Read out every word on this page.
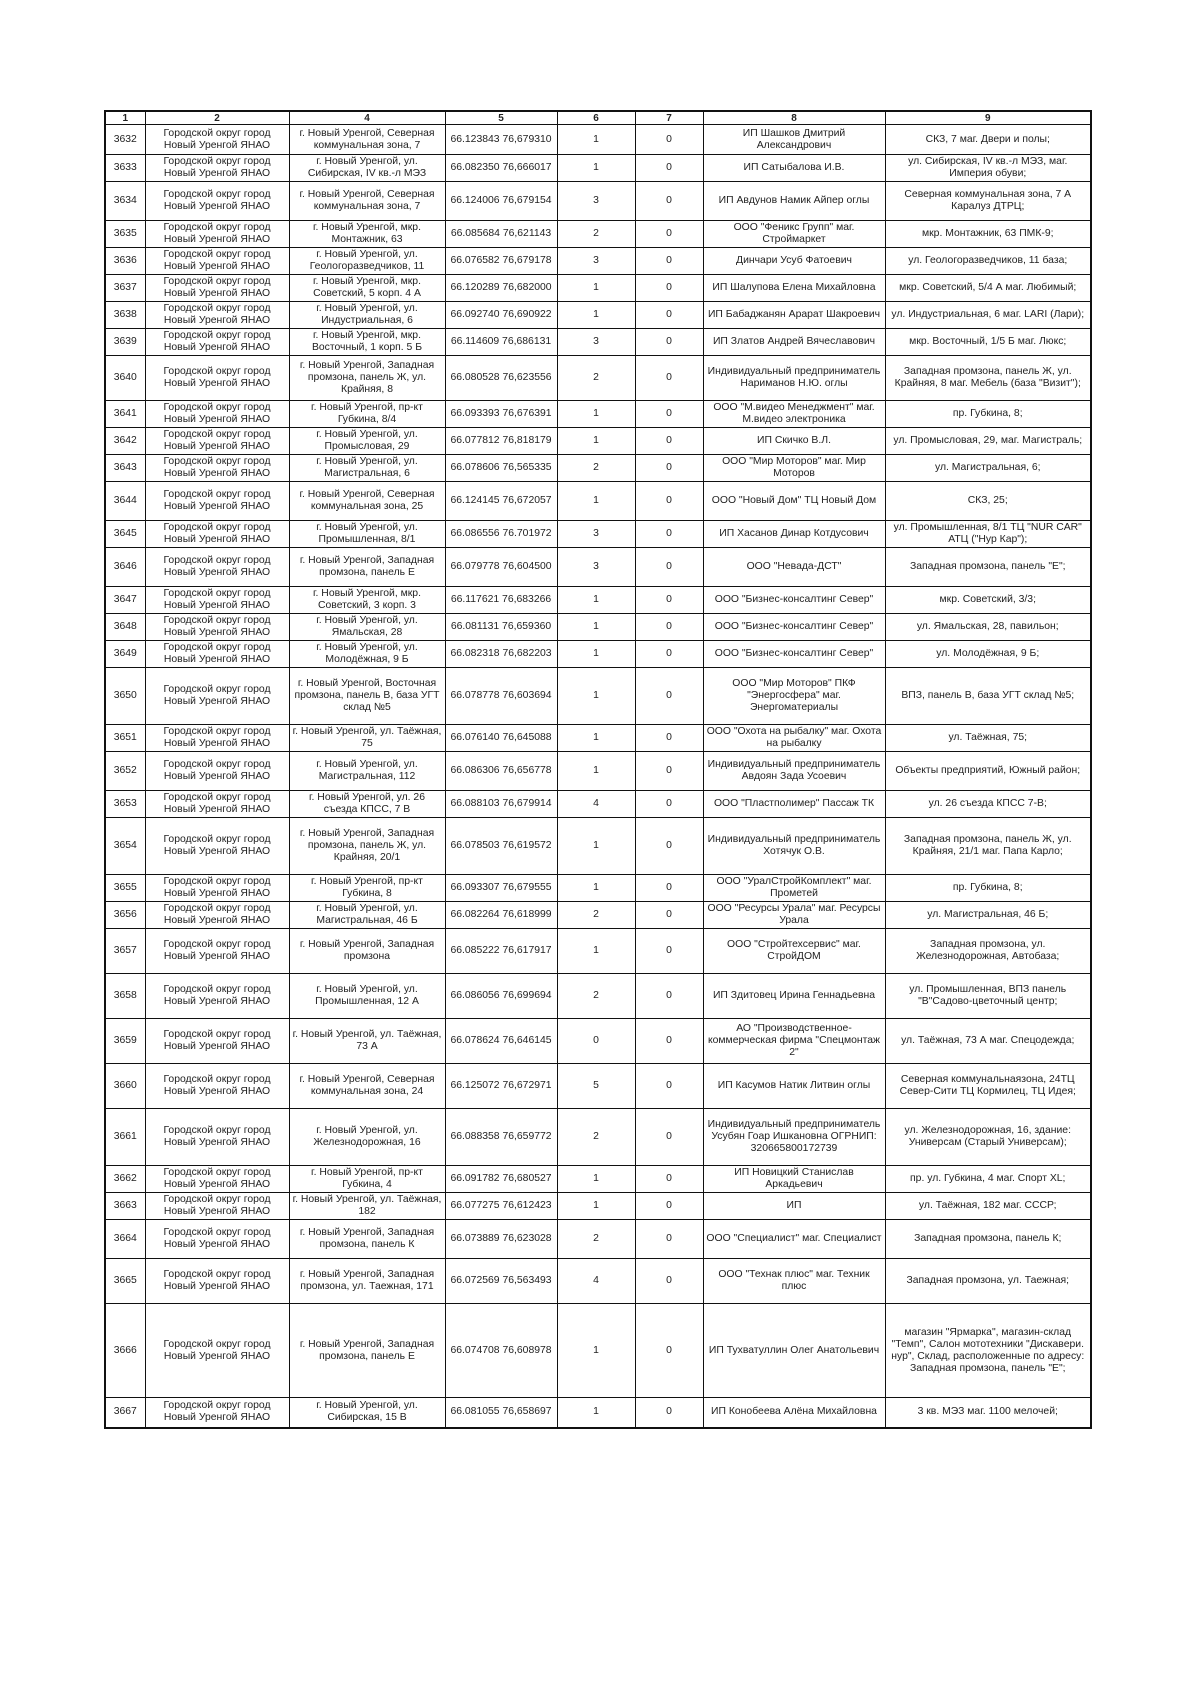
1	2	4	5	6	7	8	9
3632	Городской округ город Новый Уренгой ЯНАО	г. Новый Уренгой, Северная коммунальная зона, 7	66.123843 76,679310	1	0	ИП Шашков Дмитрий Александрович	СКЗ, 7 маг. Двери и полы;
3633	Городской округ город Новый Уренгой ЯНАО	г. Новый Уренгой, ул. Сибирская, IV кв.-л МЭЗ	66.082350 76,666017	1	0	ИП Сатыбалова И.В.	ул. Сибирская, IV кв.-л МЭЗ, маг. Империя обуви;
3634	Городской округ город Новый Уренгой ЯНАО	г. Новый Уренгой, Северная коммунальная зона, 7	66.124006 76,679154	3	0	ИП Авдунов Намик Айпер оглы	Северная коммунальная зона, 7 А Каралуз ДТРЦ;
3635	Городской округ город Новый Уренгой ЯНАО	г. Новый Уренгой, мкр. Монтажник, 63	66.085684 76,621143	2	0	ООО "Феникс Групп" маг. Строймаркет	мкр. Монтажник, 63 ПМК-9;
3636	Городской округ город Новый Уренгой ЯНАО	г. Новый Уренгой, ул. Геологоразведчиков, 11	66.076582 76,679178	3	0	Динчари Усуб Фатоевич	ул. Геологоразведчиков, 11 база;
3637	Городской округ город Новый Уренгой ЯНАО	г. Новый Уренгой, мкр. Советский, 5 корп. 4 А	66.120289 76,682000	1	0	ИП Шалупова Елена Михайловна	мкр. Советский, 5/4 А маг. Любимый;
3638	Городской округ город Новый Уренгой ЯНАО	г. Новый Уренгой, ул. Индустриальная, 6	66.092740 76,690922	1	0	ИП Бабаджанян Арарат Шакроевич	ул. Индустриальная, 6 маг. LARI (Лари);
3639	Городской округ город Новый Уренгой ЯНАО	г. Новый Уренгой, мкр. Восточный, 1 корп. 5 Б	66.114609 76,686131	3	0	ИП Златов Андрей Вячеславович	мкр. Восточный, 1/5 Б маг. Люкс;
3640	Городской округ город Новый Уренгой ЯНАО	г. Новый Уренгой, Западная промзона, панель Ж, ул. Крайняя, 8	66.080528 76,623556	2	0	Индивидуальный предприниматель Нариманов Н.Ю. оглы	Западная промзона, панель Ж, ул. Крайняя, 8 маг. Мебель (база "Визит");
3641	Городской округ город Новый Уренгой ЯНАО	г. Новый Уренгой, пр-кт Губкина, 8/4	66.093393 76,676391	1	0	ООО "М.видео Менеджмент" маг. М.видео электроника	пр. Губкина, 8;
3642	Городской округ город Новый Уренгой ЯНАО	г. Новый Уренгой, ул. Промысловая, 29	66.077812 76,818179	1	0	ИП Скичко В.Л.	ул. Промысловая, 29, маг. Магистраль;
3643	Городской округ город Новый Уренгой ЯНАО	г. Новый Уренгой, ул. Магистральная, 6	66.078606 76,565335	2	0	ООО "Мир Моторов" маг. Мир Моторов	ул. Магистральная, 6;
3644	Городской округ город Новый Уренгой ЯНАО	г. Новый Уренгой, Северная коммунальная зона, 25	66.124145 76,672057	1	0	ООО "Новый Дом" ТЦ Новый Дом	СКЗ, 25;
3645	Городской округ город Новый Уренгой ЯНАО	г. Новый Уренгой, ул. Промышленная, 8/1	66.086556 76.701972	3	0	ИП Хасанов Динар Котдусович	ул. Промышленная, 8/1 ТЦ "NUR CAR" АТЦ ("Нур Кар");
3646	Городской округ город Новый Уренгой ЯНАО	г. Новый Уренгой, Западная промзона, панель Е	66.079778 76,604500	3	0	ООО "Невада-ДСТ"	Западная промзона, панель "Е";
3647	Городской округ город Новый Уренгой ЯНАО	г. Новый Уренгой, мкр. Советский, 3 корп. 3	66.117621 76,683266	1	0	ООО "Бизнес-консалтинг Север"	мкр. Советский, 3/3;
3648	Городской округ город Новый Уренгой ЯНАО	г. Новый Уренгой, ул. Ямальская, 28	66.081131 76,659360	1	0	ООО "Бизнес-консалтинг Север"	ул. Ямальская, 28, павильон;
3649	Городской округ город Новый Уренгой ЯНАО	г. Новый Уренгой, ул. Молодёжная, 9 Б	66.082318 76,682203	1	0	ООО "Бизнес-консалтинг Север"	ул. Молодёжная, 9 Б;
3650	Городской округ город Новый Уренгой ЯНАО	г. Новый Уренгой, Восточная промзона, панель В, база УГТ склад №5	66.078778 76,603694	1	0	ООО "Мир Моторов" ПКФ "Энергосфера" маг. Энергоматериалы	ВПЗ, панель В, база УГТ склад №5;
3651	Городской округ город Новый Уренгой ЯНАО	г. Новый Уренгой, ул. Таёжная, 75	66.076140 76,645088	1	0	ООО "Охота на рыбалку" маг. Охота на рыбалку	ул. Таёжная, 75;
3652	Городской округ город Новый Уренгой ЯНАО	г. Новый Уренгой, ул. Магистральная, 112	66.086306 76,656778	1	0	Индивидуальный предприниматель Авдоян Зада Усоевич	Объекты предприятий, Южный район;
3653	Городской округ город Новый Уренгой ЯНАО	г. Новый Уренгой, ул. 26 съезда КПСС, 7 В	66.088103 76,679914	4	0	ООО "Пластполимер" Пассаж ТК	ул. 26 съезда КПСС 7-В;
3654	Городской округ город Новый Уренгой ЯНАО	г. Новый Уренгой, Западная промзона, панель Ж, ул. Крайняя, 20/1	66.078503 76,619572	1	0	Индивидуальный предприниматель Хотячук О.В.	Западная промзона, панель Ж, ул. Крайняя, 21/1 маг. Папа Карло;
3655	Городской округ город Новый Уренгой ЯНАО	г. Новый Уренгой, пр-кт Губкина, 8	66.093307 76,679555	1	0	ООО "УралСтройКомплект" маг. Прометей	пр. Губкина, 8;
3656	Городской округ город Новый Уренгой ЯНАО	г. Новый Уренгой, ул. Магистральная, 46 Б	66.082264 76,618999	2	0	ООО "Ресурсы Урала" маг. Ресурсы Урала	ул. Магистральная, 46 Б;
3657	Городской округ город Новый Уренгой ЯНАО	г. Новый Уренгой, Западная промзона	66.085222 76,617917	1	0	ООО "Стройтехсервис" маг. СтройДОМ	Западная промзона, ул. Железнодорожная, Автобаза;
3658	Городской округ город Новый Уренгой ЯНАО	г. Новый Уренгой, ул. Промышленная, 12 А	66.086056 76,699694	2	0	ИП Здитовец Ирина Геннадьевна	ул. Промышленная, ВПЗ панель "В"Садово-цветочный центр;
3659	Городской округ город Новый Уренгой ЯНАО	г. Новый Уренгой, ул. Таёжная, 73 А	66.078624 76,646145	0	0	АО "Производственное-коммерческая фирма "Спецмонтаж 2"	ул. Таёжная, 73 А маг. Спецодежда;
3660	Городской округ город Новый Уренгой ЯНАО	г. Новый Уренгой, Северная коммунальная зона, 24	66.125072 76,672971	5	0	ИП Касумов Натик Литвин оглы	Северная коммунальнаязона, 24ТЦ Север-Сити ТЦ Кормилец, ТЦ Идея;
3661	Городской округ город Новый Уренгой ЯНАО	г. Новый Уренгой, ул. Железнодорожная, 16	66.088358 76,659772	2	0	Индивидуальный предприниматель Усубян Гоар Ишкановна ОГРНИП: 320665800172739	ул. Железнодорожная, 16, здание: Универсам (Старый Универсам);
3662	Городской округ город Новый Уренгой ЯНАО	г. Новый Уренгой, пр-кт Губкина, 4	66.091782 76,680527	1	0	ИП Новицкий Станислав Аркадьевич	пр. ул. Губкина, 4 маг. Спорт XL;
3663	Городской округ город Новый Уренгой ЯНАО	г. Новый Уренгой, ул. Таёжная, 182	66.077275 76,612423	1	0	ИП	ул. Таёжная, 182 маг. СССР;
3664	Городской округ город Новый Уренгой ЯНАО	г. Новый Уренгой, Западная промзона, панель К	66.073889 76,623028	2	0	ООО "Специалист" маг. Специалист	Западная промзона, панель К;
3665	Городской округ город Новый Уренгой ЯНАО	г. Новый Уренгой, Западная промзона, ул. Таежная, 171	66.072569 76,563493	4	0	ООО "Технак плюс" маг. Техник плюс	Западная промзона, ул. Таежная;
3666	Городской округ город Новый Уренгой ЯНАО	г. Новый Уренгой, Западная промзона, панель Е	66.074708 76,608978	1	0	ИП Тухватуллин Олег Анатольевич	магазин "Ярмарка", магазин-склад "Темп", Салон мототехники "Дискавери. нур", Склад, расположенные по адресу: Западная промзона, панель "Е";
3667	Городской округ город Новый Уренгой ЯНАО	г. Новый Уренгой, ул. Сибирская, 15 В	66.081055 76,658697	1	0	ИП Конобеева Алёна Михайловна	3 кв. МЭЗ маг. 1100 мелочей;
